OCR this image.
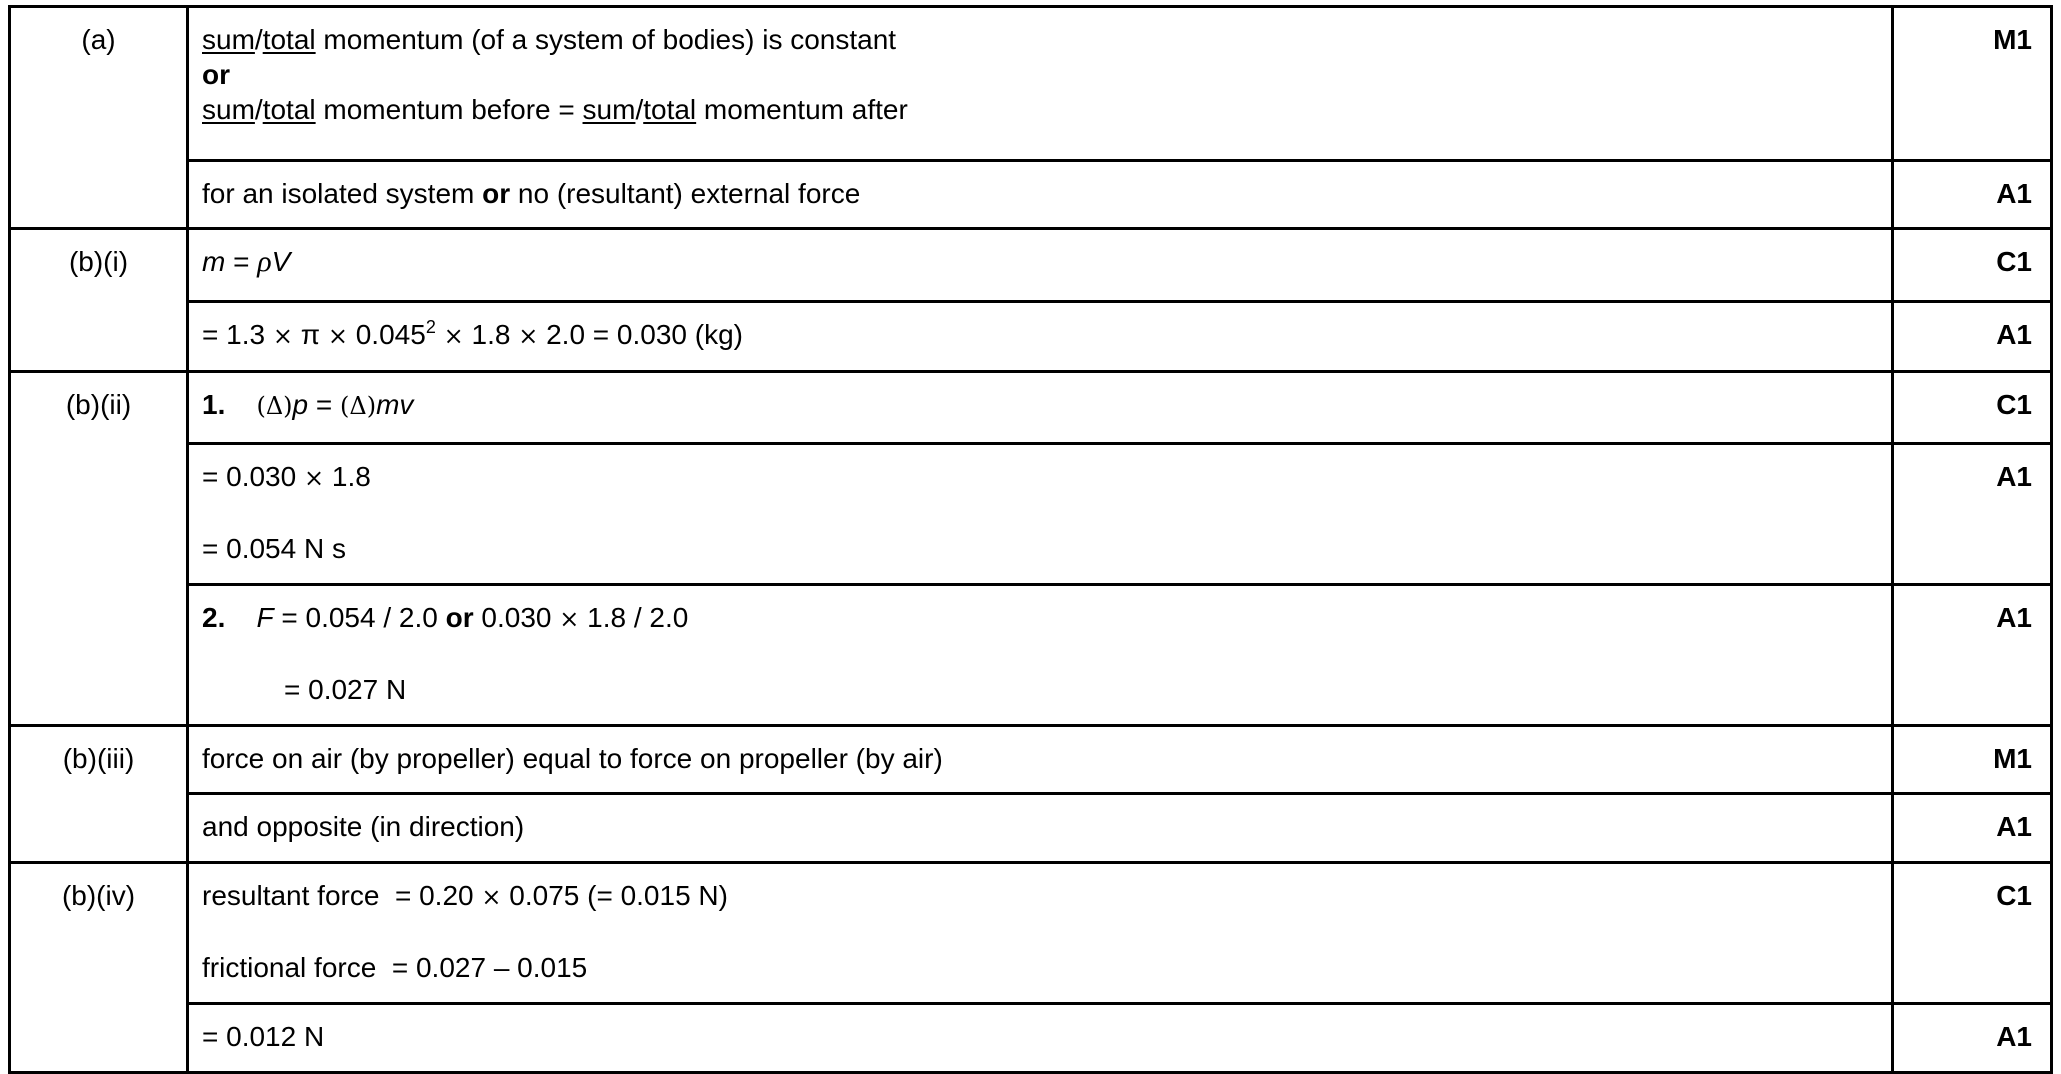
(a)	sum/total momentum (of a system of bodies) is constant
or
sum/total momentum before = sum/total momentum after	M1

	for an isolated system or no (resultant) external force	A1
(b)(i)	m = ρV	C1

	= $1.3 \times \pi \times 0.045^2 \times 1.8 \times 2.0 = 0.030$ (kg)	A1
(b)(ii)	1. (Δ)p = (Δ)mv	C1

	= 0.030 × 1.8
= 0.054 N s	A1

	2. F = 0.054 / 2.0 or 0.030 × 1.8 / 2.0
= 0.027 N	A1
(b)(iii)	force on air (by propeller) equal to force on propeller (by air)	M1
	and opposite (in direction)	A1
(b)(iv)	resultant force  = 0.20 × 0.075 (= 0.015 N)
frictional force  = 0.027 – 0.015	C1
	= 0.012 N	A1
